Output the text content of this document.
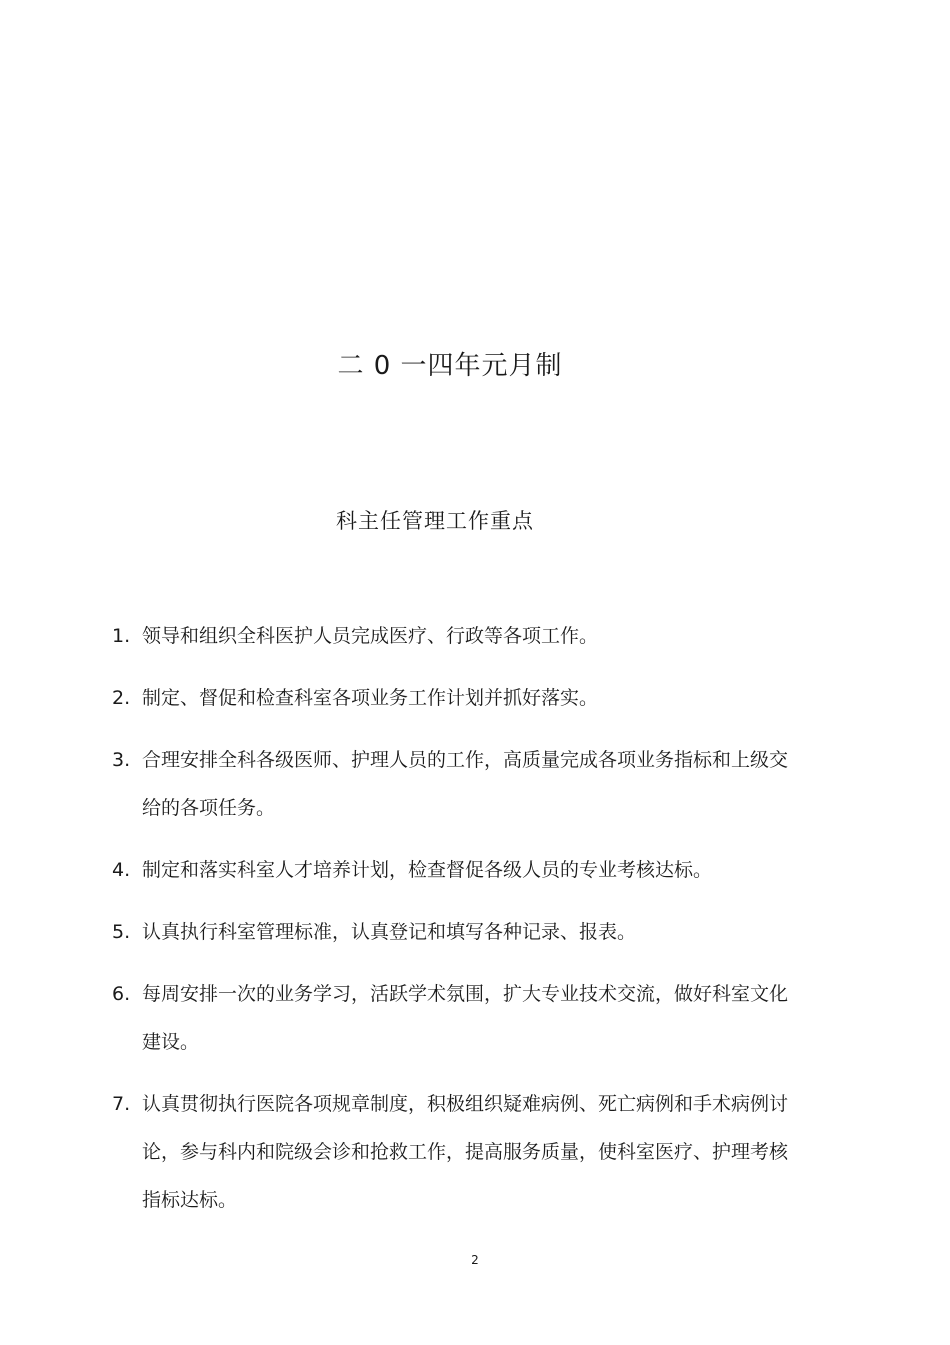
二 0 一四年元月制
科主任管理工作重点
1. 领导和组织全科医护人员完成医疗、行政等各项工作。
2. 制定、督促和检查科室各项业务工作计划并抓好落实。
3. 合理安排全科各级医师、护理人员的工作，高质量完成各项业务指标和上级交给的各项任务。
4. 制定和落实科室人才培养计划，检查督促各级人员的专业考核达标。
5. 认真执行科室管理标准，认真登记和填写各种记录、报表。
6. 每周安排一次的业务学习，活跃学术氛围，扩大专业技术交流，做好科室文化建设。
7. 认真贯彻执行医院各项规章制度，积极组织疑难病例、死亡病例和手术病例讨论，参与科内和院级会诊和抢救工作，提高服务质量，使科室医疗、护理考核指标达标。
2
